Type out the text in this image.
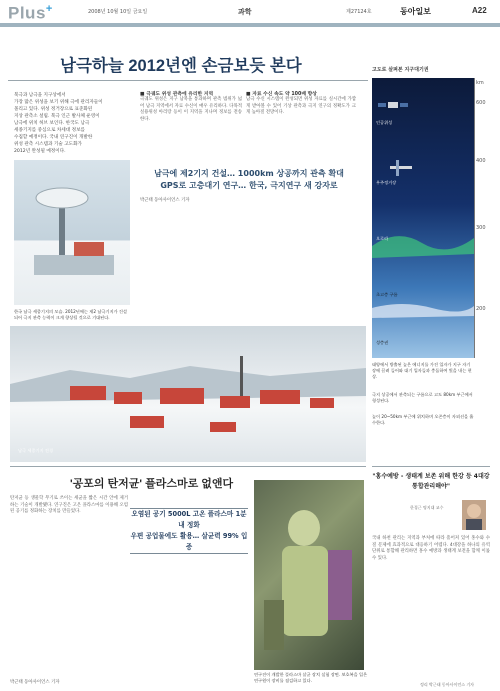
Plus+	2008년 10월 10일 금요일	과학	제27124호	동아일보	A22
남극하늘 2012년엔 손금보듯 본다
북극과 남극을 지구상에서
가장 많은 위성을 보기 위해 극에 관리자들이
몰리고 있다. 위성 정거장으로 표준화된
지상 관측소 설립. 북극 인근 발사체 운영이
남극에 위치 허브 보인다. 한국도 남극
세종기지를 중심으로 차세대 정보를
수집할 예정이다. 국내 연구진이 개발한
위성 관측 시스템과 기술 고도화가
2012년 완성될 예정이다.
한국 남극 세종기지의 모습. 2012년에는 제2 남극기지가 건설되어 극지 관측 능력이 크게 향상될 것으로 기대된다.
■ 극궤도 위성 관측에 유리한 지역
극궤도 위성은 지구 남북을 통과하며 관측 범위가 넓어 남극 지역에서 자료 수신이 매우 유리하다. 다목적실용위성 아리랑 등이 이 지역을 지나며 정보를 전송한다.
■ 자료 수신 속도 약 100배 향상
남극 수신 시스템이 완성되면 위성 자료를 실시간에 가깝게 받아볼 수 있어 기상 관측과 극지 연구의 정확도가 크게 높아질 전망이다.
남극에 제2기지 건설… 1000km 상공까지 관측 확대
GPS로 고층대기 연구… 한국, 극지연구 새 강자로
박근태 동아사이언스 기자
고도로 살펴본 지구대기권
km
600
400
300
200
인공위성
우주정거장
오로라
초고층 구름
성층권
태양에서 방출된 높은 에너지를 가진 입자가 지구 자기장에 끌려 들어와 대기 입자들과 충돌하여 빛을 내는 현상.
극지 상공에서 관측되는 구름으로 고도 80km 부근에서 형성된다.
높이 20~50km 부근에 위치하며 오존층이 자외선을 흡수한다.
남극 세종기지 전경
'공포의 탄저균' 플라스마로 없앤다
탄저균 등 생물학 무기로 쓰이는 세균을 짧은 시간 안에 제거하는 기술이 개발됐다. 연구진은 고온 플라스마를 이용해 오염된 공기를 정화하는 장치를 만들었다.
박근태 동아사이언스 기자
오염된 공기 5000L 고온 플라스마 1분내 정화
우편 공업물에도 활용… 살균력 99% 입증
연구진이 개발한 플라스마 살균 장치 실험 장면. 보호복을 입은 연구원이 장비를 점검하고 있다.
"홍수예방 - 생태계 보존 위해 한강 등 4대강 통합관리해야"
한경근 명지대 교수
국내 하천 관리는 지역과 부처에 따라 흩어져 있어 홍수와 수질 문제에 효과적으로 대응하기 어렵다. 4대강을 하나의 유역 단위로 통합해 관리하면 홍수 예방과 생태계 보전을 함께 이룰 수 있다.
정리 박근태 동아사이언스 기자
